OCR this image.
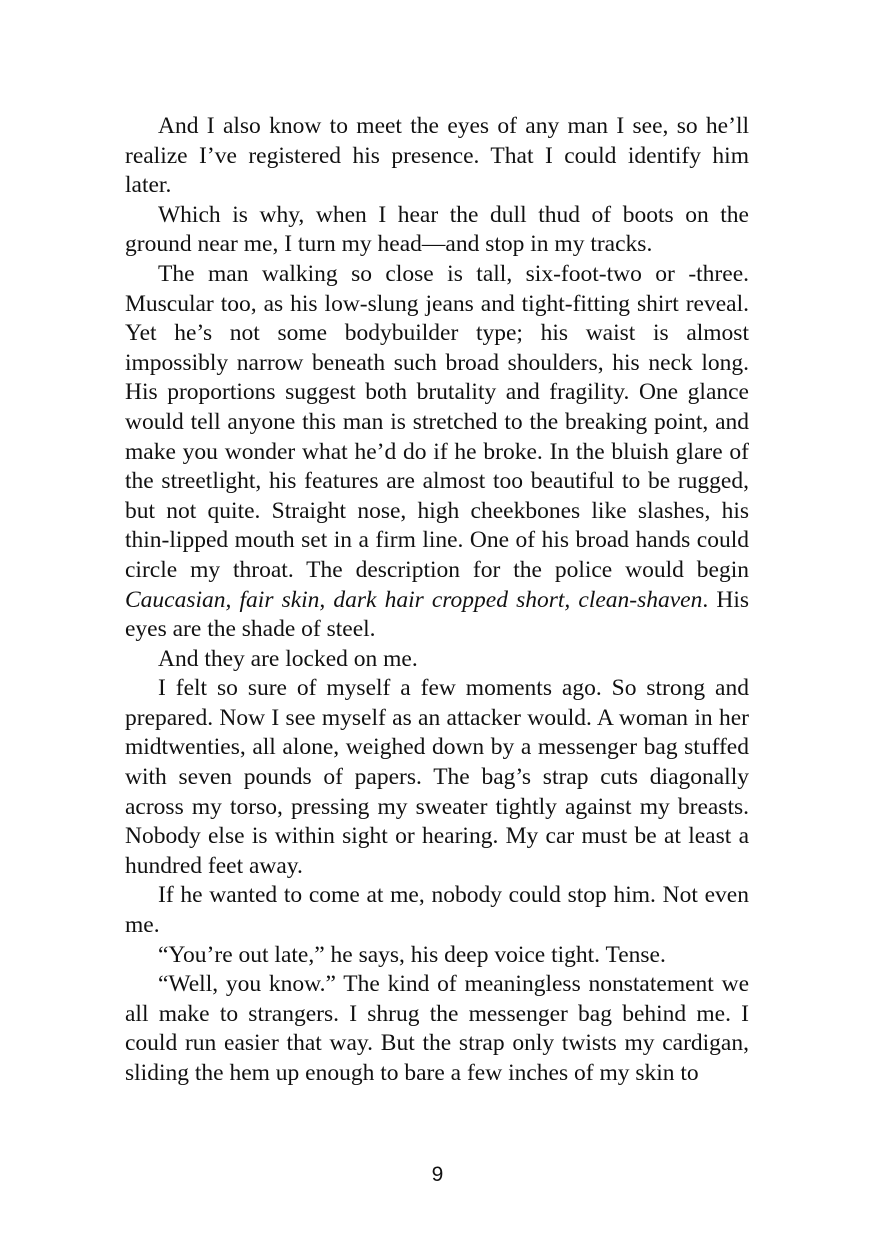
And I also know to meet the eyes of any man I see, so he’ll realize I’ve registered his presence. That I could identify him later.

Which is why, when I hear the dull thud of boots on the ground near me, I turn my head—and stop in my tracks.

The man walking so close is tall, six-foot-two or -three. Muscular too, as his low-slung jeans and tight-fitting shirt reveal. Yet he’s not some bodybuilder type; his waist is almost impossibly narrow beneath such broad shoulders, his neck long. His proportions suggest both brutality and fragility. One glance would tell anyone this man is stretched to the breaking point, and make you wonder what he’d do if he broke. In the bluish glare of the streetlight, his features are almost too beautiful to be rugged, but not quite. Straight nose, high cheekbones like slashes, his thin-lipped mouth set in a firm line. One of his broad hands could circle my throat. The description for the police would begin Caucasian, fair skin, dark hair cropped short, clean-shaven. His eyes are the shade of steel.

And they are locked on me.

I felt so sure of myself a few moments ago. So strong and prepared. Now I see myself as an attacker would. A woman in her midtwenties, all alone, weighed down by a messenger bag stuffed with seven pounds of papers. The bag’s strap cuts diagonally across my torso, pressing my sweater tightly against my breasts. Nobody else is within sight or hearing. My car must be at least a hundred feet away.

If he wanted to come at me, nobody could stop him. Not even me.

“You’re out late,” he says, his deep voice tight. Tense.

“Well, you know.” The kind of meaningless nonstatement we all make to strangers. I shrug the messenger bag behind me. I could run easier that way. But the strap only twists my cardigan, sliding the hem up enough to bare a few inches of my skin to

9
